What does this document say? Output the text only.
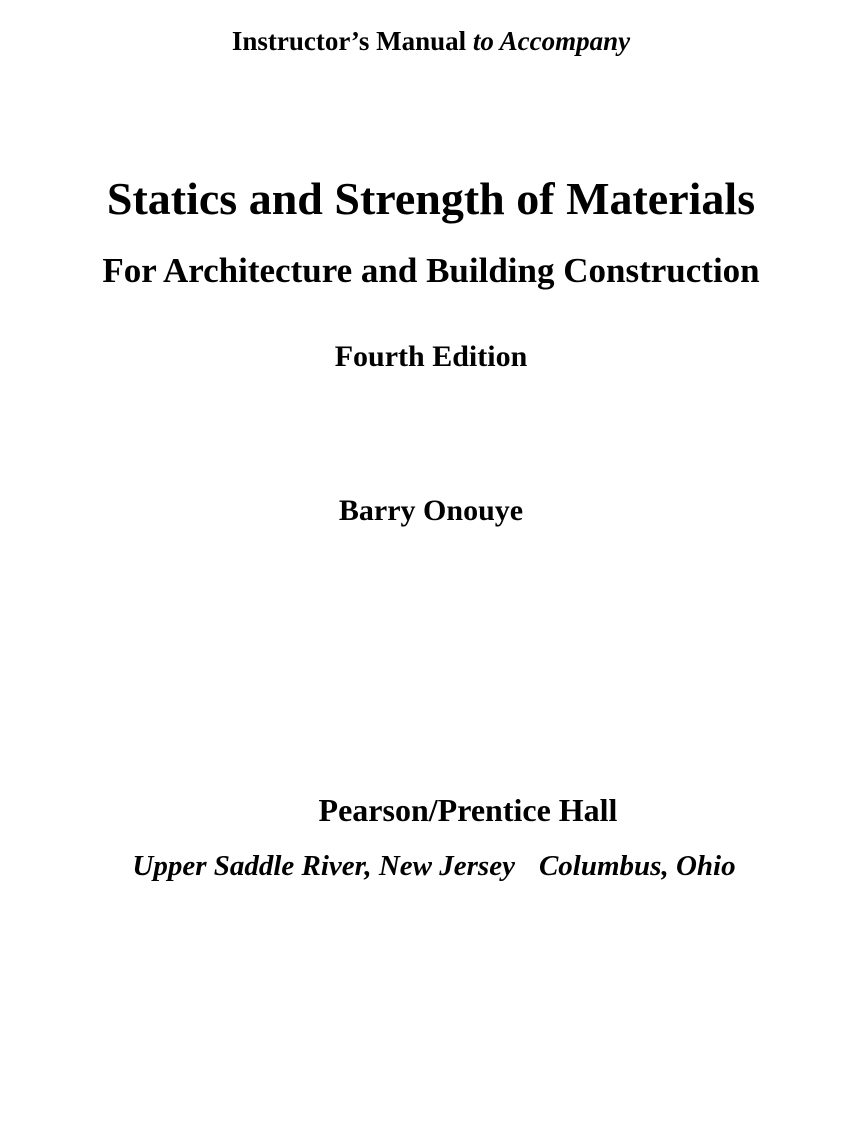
Instructor’s Manual to Accompany
Statics and Strength of Materials
For Architecture and Building Construction
Fourth Edition
Barry Onouye
Pearson/Prentice Hall
Upper Saddle River, New Jersey Columbus, Ohio
